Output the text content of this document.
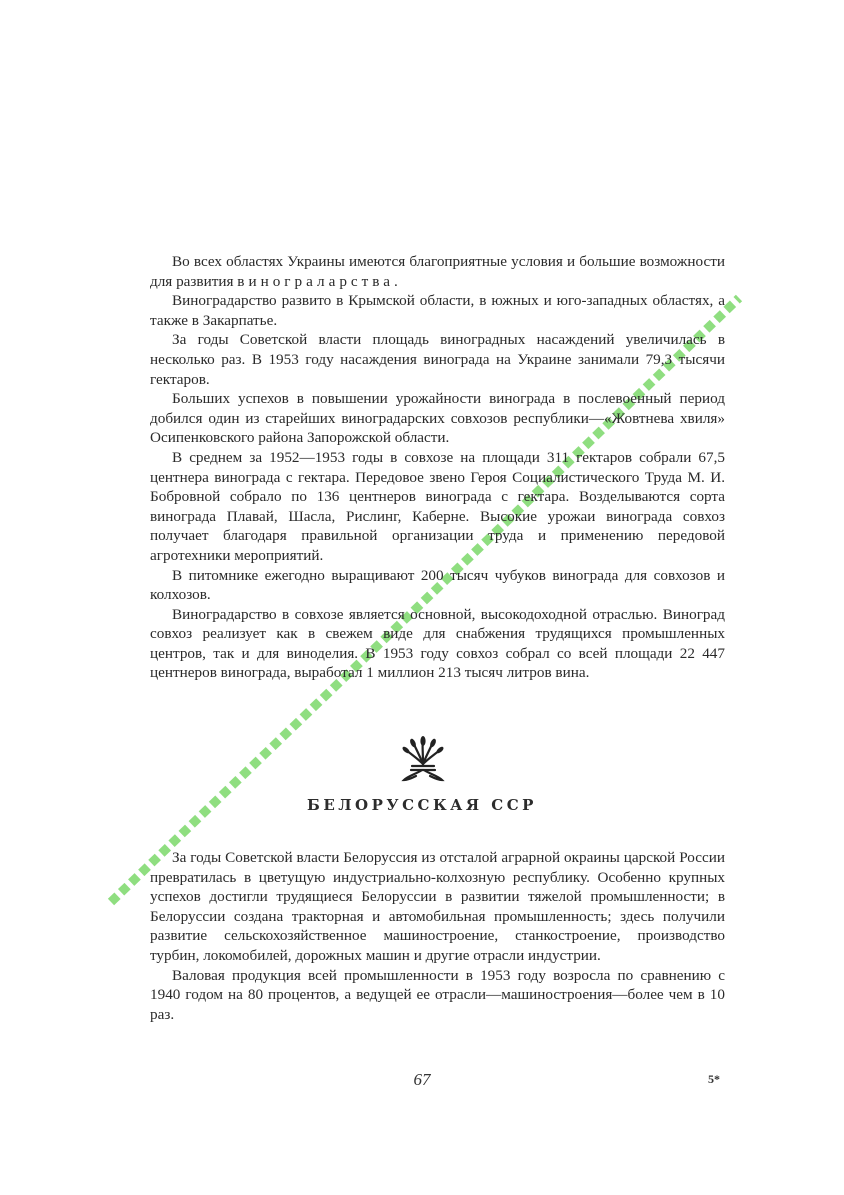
Во всех областях Украины имеются благоприятные условия и большие возможности для развития винограларства.

Виноградарство развито в Крымской области, в южных и юго-западных областях, а также в Закарпатье.

За годы Советской власти площадь виноградных насаждений увеличилась в несколько раз. В 1953 году насаждения винограда на Украине занимали 79,3 тысячи гектаров.

Больших успехов в повышении урожайности винограда в послевоенный период добился один из старейших виноградарских совхозов республики—«Жовтнева хвиля» Осипенковского района Запорожской области.

В среднем за 1952—1953 годы в совхозе на площади 311 гектаров собрали 67,5 центнера винограда с гектара. Передовое звено Героя Социалистического Труда М. И. Бобровной собрало по 136 центнеров винограда с гектара. Возделываются сорта винограда Плавай, Шасла, Рислинг, Каберне. Высокие урожаи винограда совхоз получает благодаря правильной организации труда и применению передовой агротехники мероприятий.

В питомнике ежегодно выращивают 200 тысяч чубуков винограда для совхозов и колхозов.

Виноградарство в совхозе является основной, высокодоходной отраслью. Виноград совхоз реализует как в свежем виде для снабжения трудящихся промышленных центров, так и для виноделия. В 1953 году совхоз собрал со всей площади 22 447 центнеров винограда, выработал 1 миллион 213 тысяч литров вина.

БЕЛОРУССКАЯ ССР

За годы Советской власти Белоруссия из отсталой аграрной окраины царской России превратилась в цветущую индустриально-колхозную республику. Особенно крупных успехов достигли трудящиеся Белоруссии в развитии тяжелой промышленности; в Белоруссии создана тракторная и автомобильная промышленность; здесь получили развитие сельскохозяйственное машиностроение, станкостроение, производство турбин, локомобилей, дорожных машин и другие отрасли индустрии.

Валовая продукция всей промышленности в 1953 году возросла по сравнению с 1940 годом на 80 процентов, а ведущей ее отрасли—машиностроения—более чем в 10 раз.

67	5*
